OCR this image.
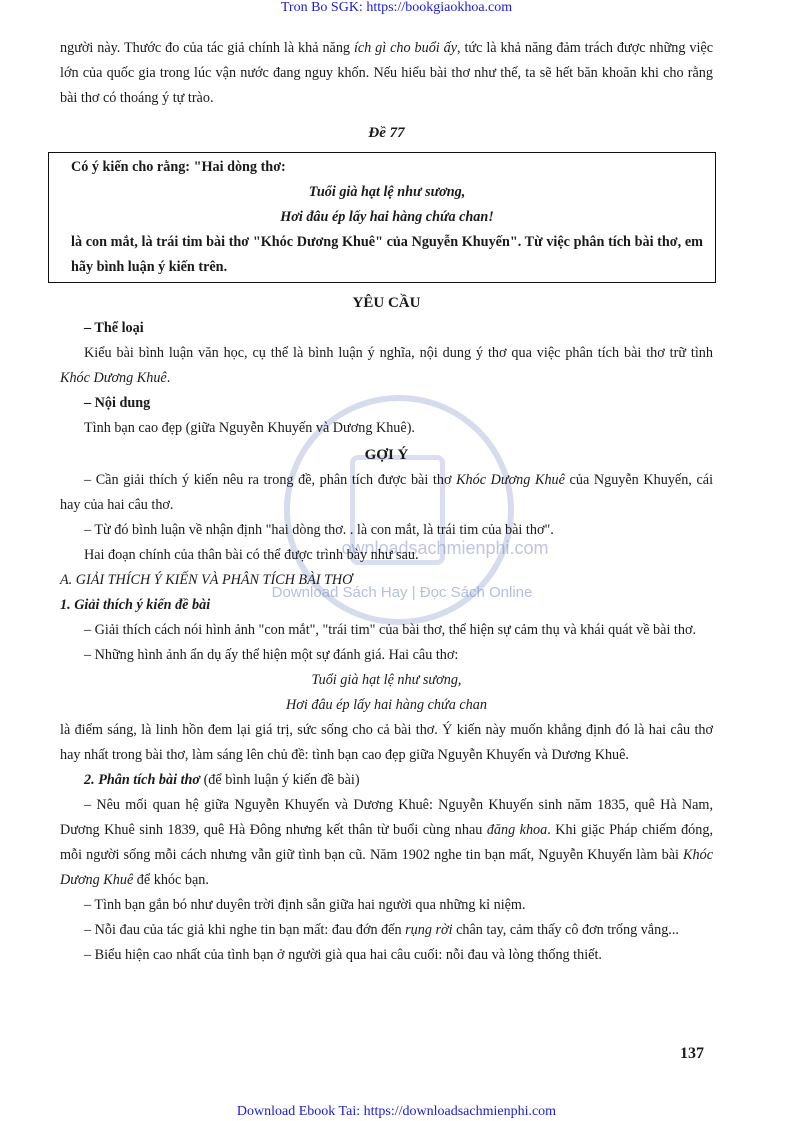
Tron Bo SGK: https://bookgiaokhoa.com
ownloadsachmienphi.com
Download Sách Hay | Đọc Sách Online

người này. Thước đo của tác giả chính là khả năng ích gì cho buổi ấy, tức là khả năng đảm trách được những việc lớn của quốc gia trong lúc vận nước đang nguy khốn. Nếu hiểu bài thơ như thế, ta sẽ hết băn khoăn khi cho rằng bài thơ có thoáng ý tự trào.

Đề 77

Có ý kiến cho rằng: "Hai dòng thơ:

Tuổi già hạt lệ như sương,

Hơi đâu ép lấy hai hàng chứa chan!

là con mắt, là trái tim bài thơ "Khóc Dương Khuê" của Nguyễn Khuyến". Từ việc phân tích bài thơ, em hãy bình luận ý kiến trên.

YÊU CẦU

– Thể loại

Kiểu bài bình luận văn học, cụ thể là bình luận ý nghĩa, nội dung ý thơ qua việc phân tích bài thơ trữ tình Khóc Dương Khuê.

– Nội dung

Tình bạn cao đẹp (giữa Nguyễn Khuyến và Dương Khuê).

GỢI Ý

– Cần giải thích ý kiến nêu ra trong đề, phân tích được bài thơ Khóc Dương Khuê của Nguyễn Khuyến, cái hay của hai câu thơ.

– Từ đó bình luận về nhận định "hai dòng thơ. . là con mắt, là trái tim của bài thơ".

Hai đoạn chính của thân bài có thể được trình bày như sau.

A. GIẢI THÍCH Ý KIẾN VÀ PHÂN TÍCH BÀI THƠ

1. Giải thích ý kiến đề bài

– Giải thích cách nói hình ảnh "con mắt", "trái tim" của bài thơ, thể hiện sự cảm thụ và khái quát về bài thơ.

– Những hình ảnh ẩn dụ ấy thể hiện một sự đánh giá. Hai câu thơ:

Tuổi già hạt lệ như sương,

Hơi đâu ép lấy hai hàng chứa chan

là điểm sáng, là linh hồn đem lại giá trị, sức sống cho cả bài thơ. Ý kiến này muốn khẳng định đó là hai câu thơ hay nhất trong bài thơ, làm sáng lên chủ đề: tình bạn cao đẹp giữa Nguyễn Khuyến và Dương Khuê.

2. Phân tích bài thơ (để bình luận ý kiến đề bài)

– Nêu mối quan hệ giữa Nguyễn Khuyến và Dương Khuê: Nguyễn Khuyến sinh năm 1835, quê Hà Nam, Dương Khuê sinh 1839, quê Hà Đông nhưng kết thân từ buổi cùng nhau đăng khoa. Khi giặc Pháp chiếm đóng, mỗi người sống mỗi cách nhưng vẫn giữ tình bạn cũ. Năm 1902 nghe tin bạn mất, Nguyễn Khuyến làm bài Khóc Dương Khuê để khóc bạn.

– Tình bạn gắn bó như duyên trời định sẵn giữa hai người qua những kỉ niệm.

– Nỗi đau của tác giả khi nghe tin bạn mất: đau đớn đến rụng rời chân tay, cảm thấy cô đơn trống vắng...

– Biểu hiện cao nhất của tình bạn ở người già qua hai câu cuối: nỗi đau và lòng thống thiết.

137
Download Ebook Tai: https://downloadsachmienphi.com
